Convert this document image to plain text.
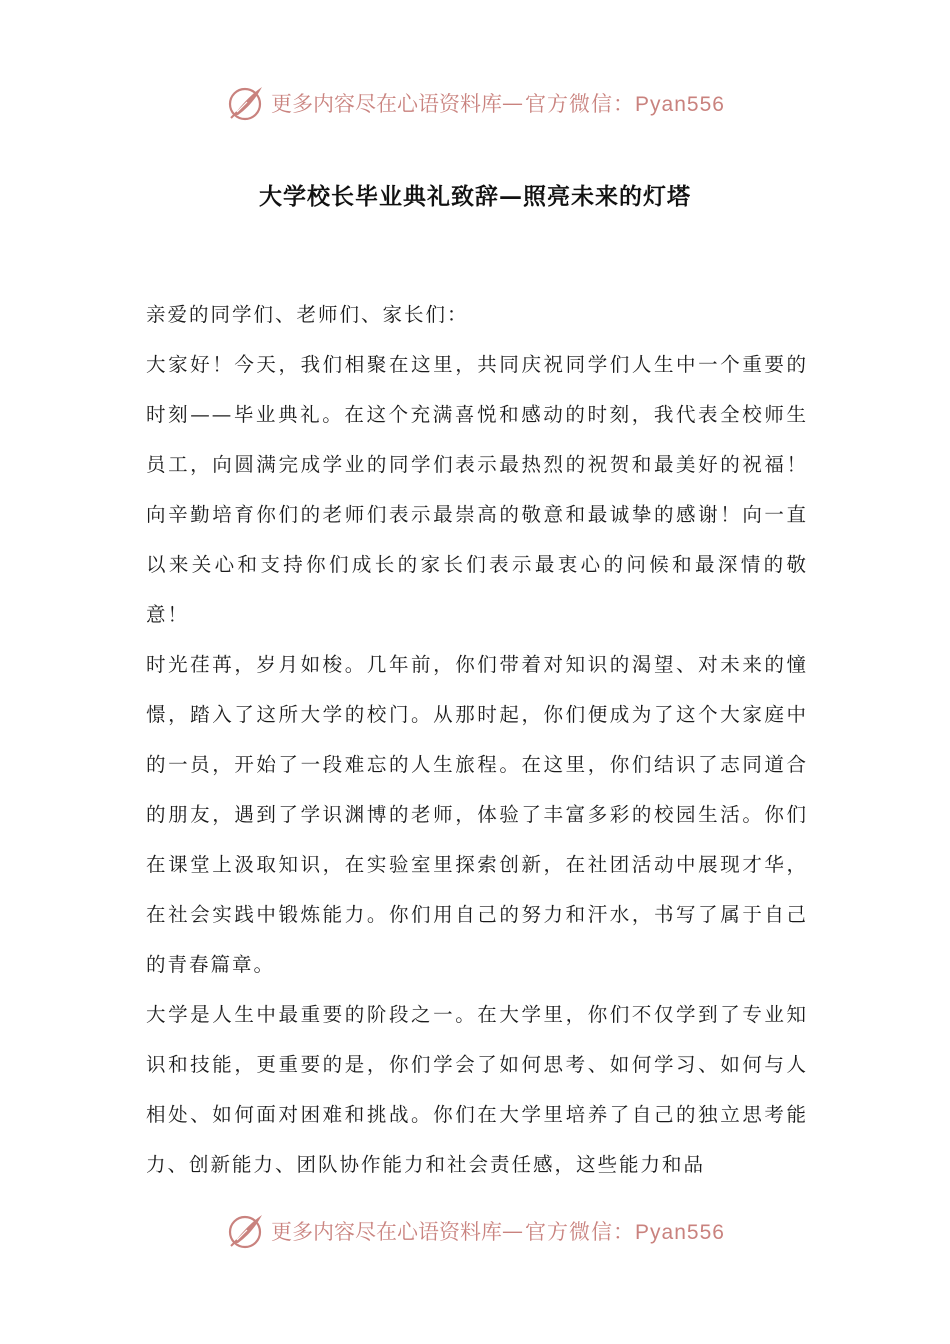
更多内容尽在心语资料库 — 官方微信：Pyan556
大学校长毕业典礼致辞—照亮未来的灯塔

亲爱的同学们、老师们、家长们：

大家好！今天，我们相聚在这里，共同庆祝同学们人生中一个重要的时刻——毕业典礼。在这个充满喜悦和感动的时刻，我代表全校师生员工，向圆满完成学业的同学们表示最热烈的祝贺和最美好的祝福！向辛勤培育你们的老师们表示最崇高的敬意和最诚挚的感谢！向一直以来关心和支持你们成长的家长们表示最衷心的问候和最深情的敬意！

时光荏苒，岁月如梭。几年前，你们带着对知识的渴望、对未来的憧憬，踏入了这所大学的校门。从那时起，你们便成为了这个大家庭中的一员，开始了一段难忘的人生旅程。在这里，你们结识了志同道合的朋友，遇到了学识渊博的老师，体验了丰富多彩的校园生活。你们在课堂上汲取知识，在实验室里探索创新，在社团活动中展现才华，在社会实践中锻炼能力。你们用自己的努力和汗水，书写了属于自己的青春篇章。

大学是人生中最重要的阶段之一。在大学里，你们不仅学到了专业知识和技能，更重要的是，你们学会了如何思考、如何学习、如何与人相处、如何面对困难和挑战。你们在大学里培养了自己的独立思考能力、创新能力、团队协作能力和社会责任感，这些能力和品

更多内容尽在心语资料库 — 官方微信：Pyan556
